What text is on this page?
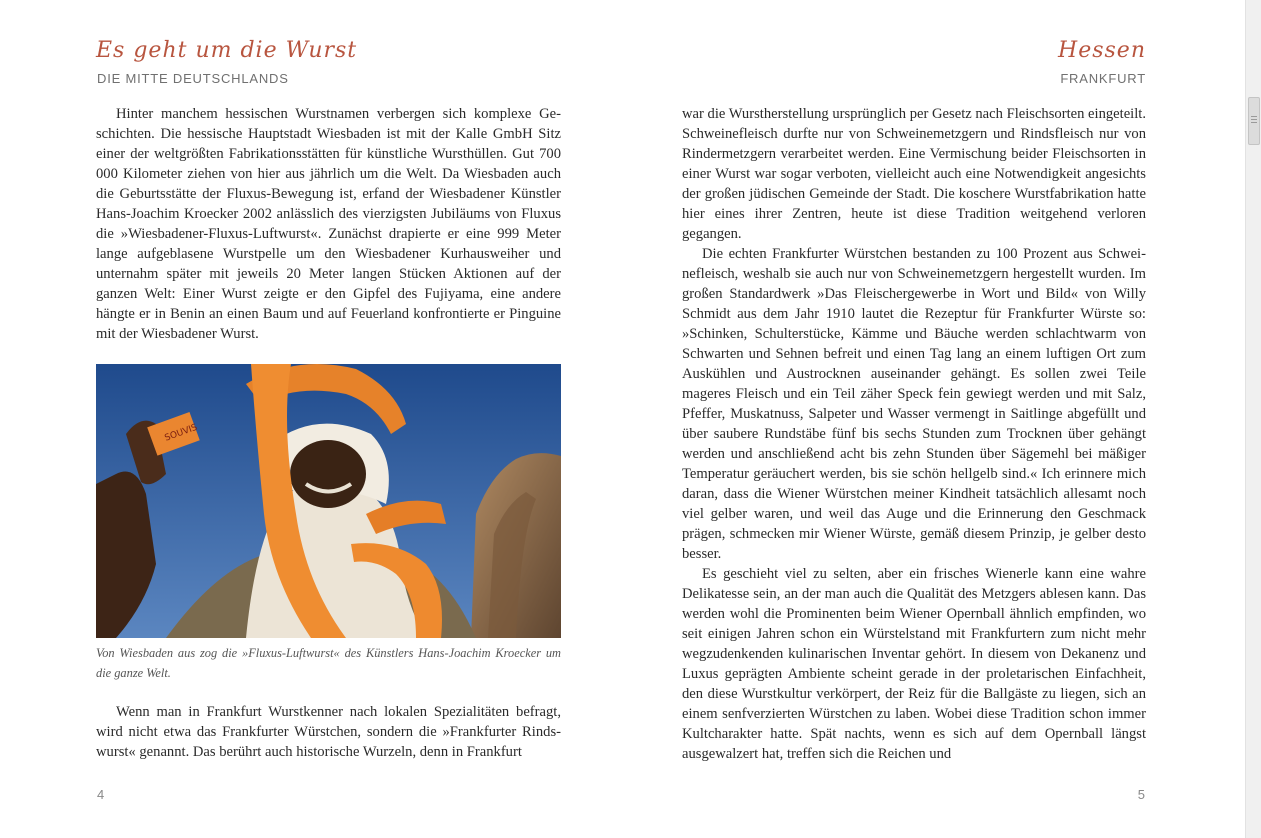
Es geht um die Wurst
DIE MITTE DEUTSCHLANDS

Hinter manchem hessischen Wurstnamen verbergen sich komplexe Geschichten. Die hessische Hauptstadt Wiesbaden ist mit der Kalle GmbH Sitz einer der weltgrößten Fabrikationsstätten für künstliche Wursthüllen. Gut 700 000 Kilometer ziehen von hier aus jährlich um die Welt. Da Wiesbaden auch die Geburtsstätte der Fluxus-Bewegung ist, erfand der Wiesbadener Künstler Hans-Joachim Kroecker 2002 anlässlich des vierzigsten Jubiläums von Fluxus die »Wiesbadener-Fluxus-Luftwurst«. Zunächst drapierte er eine 999 Meter lange aufgeblasene Wurstpelle um den Wiesbadener Kurhausweiher und unternahm später mit jeweils 20 Meter langen Stücken Aktionen auf der ganzen Welt: Einer Wurst zeigte er den Gipfel des Fujiyama, eine andere hängte er in Benin an einen Baum und auf Feuerland konfrontierte er Pinguine mit der Wiesbadener Wurst.

SOUVIS
Von Wiesbaden aus zog die »Fluxus-Luftwurst« des Künstlers Hans-Joachim Kroecker um die ganze Welt.

Wenn man in Frankfurt Wurstkenner nach lokalen Spezialitäten befragt, wird nicht etwa das Frankfurter Würstchen, sondern die »Frankfurter Rindswurst« genannt. Das berührt auch historische Wurzeln, denn in Frankfurt

4
Hessen
FRANKFURT

war die Wurstherstellung ursprünglich per Gesetz nach Fleischsorten eingeteilt. Schweinefleisch durfte nur von Schweinemetzgern und Rindsfleisch nur von Rindermetzgern verarbeitet werden. Eine Vermischung beider Fleischsorten in einer Wurst war sogar verboten, vielleicht auch eine Notwendigkeit angesichts der großen jüdischen Gemeinde der Stadt. Die koschere Wurstfabrikation hatte hier eines ihrer Zentren, heute ist diese Tradition weitgehend verloren gegangen.

Die echten Frankfurter Würstchen bestanden zu 100 Prozent aus Schweinefleisch, weshalb sie auch nur von Schweinemetzgern hergestellt wurden. Im großen Standardwerk »Das Fleischergewerbe in Wort und Bild« von Willy Schmidt aus dem Jahr 1910 lautet die Rezeptur für Frankfurter Würste so: »Schinken, Schulterstücke, Kämme und Bäuche werden schlachtwarm von Schwarten und Sehnen befreit und einen Tag lang an einem luftigen Ort zum Auskühlen und Austrocknen auseinander gehängt. Es sollen zwei Teile mageres Fleisch und ein Teil zäher Speck fein gewiegt werden und mit Salz, Pfeffer, Muskatnuss, Salpeter und Wasser vermengt in Saitlinge abgefüllt und über saubere Rundstäbe fünf bis sechs Stunden zum Trocknen über gehängt werden und anschließend acht bis zehn Stunden über Sägemehl bei mäßiger Temperatur geräuchert werden, bis sie schön hellgelb sind.« Ich erinnere mich daran, dass die Wiener Würstchen meiner Kindheit tatsächlich allesamt noch viel gelber waren, und weil das Auge und die Erinnerung den Geschmack prägen, schmecken mir Wiener Würste, gemäß diesem Prinzip, je gelber desto besser.

Es geschieht viel zu selten, aber ein frisches Wienerle kann eine wahre Delikatesse sein, an der man auch die Qualität des Metzgers ablesen kann. Das werden wohl die Prominenten beim Wiener Opernball ähnlich empfinden, wo seit einigen Jahren schon ein Würstelstand mit Frankfurtern zum nicht mehr wegzudenkenden kulinarischen Inventar gehört. In diesem von Dekanenz und Luxus geprägten Ambiente scheint gerade in der proletarischen Einfachheit, den diese Wurstkultur verkörpert, der Reiz für die Ballgäste zu liegen, sich an einem senfverzierten Würstchen zu laben. Wobei diese Tradition schon immer Kultcharakter hatte. Spät nachts, wenn es sich auf dem Opernball längst ausgewalzert hat, treffen sich die Reichen und

5
